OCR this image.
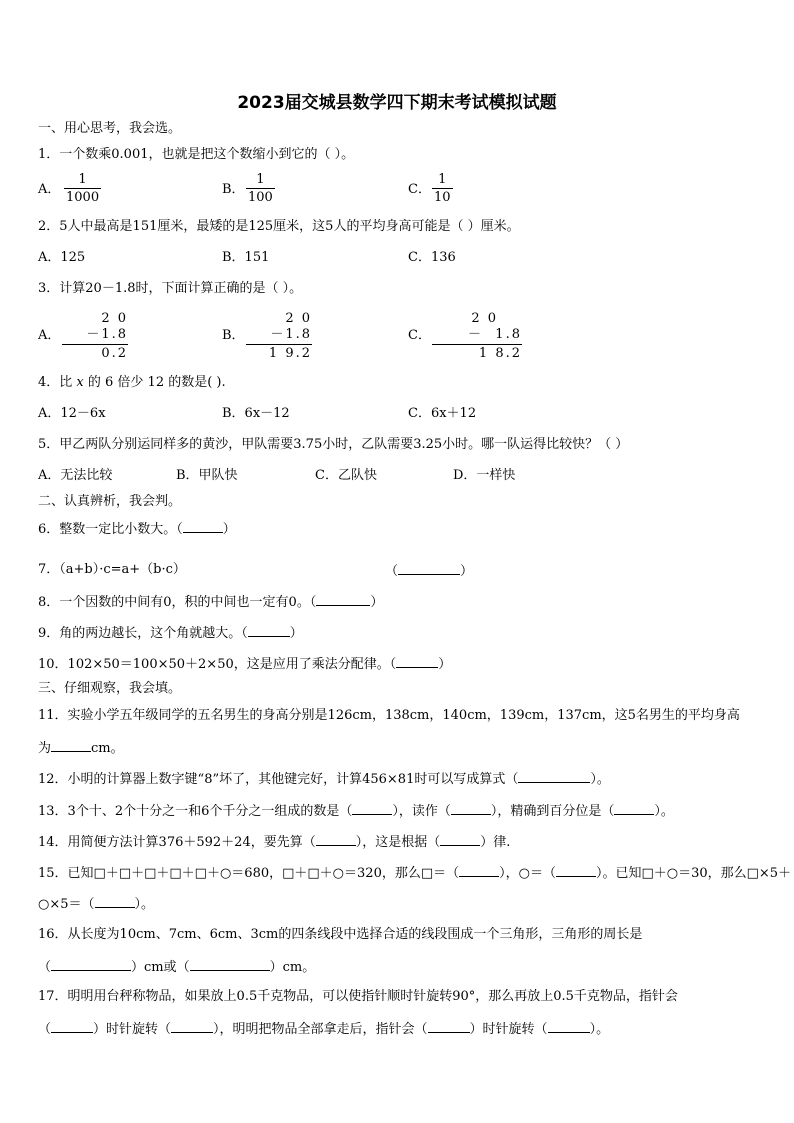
2023届交城县数学四下期末考试模拟试题
一、用心思考，我会选。
1．一个数乘0.001，也就是把这个数缩小到它的（ ）。
A．
1
1000
B．
1
100
C．
1
10
2．5人中最高是151厘米，最矮的是125厘米，这5人的平均身高可能是（ ）厘米。
A．125	B．151	C．136
3．计算20－1.8时，下面计算正确的是（ ）。
A．
2 0
－1.8
0.2
B．
2 0
－1.8
1 9.2
C．
2 0
－  1.8
1 8.2
4．比 x 的 6 倍少 12 的数是( ).
A．12－6x	B．6x－12	C．6x＋12
5．甲乙两队分别运同样多的黄沙，甲队需要3.75小时，乙队需要3.25小时。哪一队运得比较快？（ ）
A．无法比较	B．甲队快	C．乙队快	D．一样快
二、认真辨析，我会判。
6．整数一定比小数大。（	）
7．（a+b）·c=a+（b·c）	（	）
8．一个因数的中间有0，积的中间也一定有0。（	）
9．角的两边越长，这个角就越大。（	）
10．102×50＝100×50＋2×50，这是应用了乘法分配律。（	）
三、仔细观察，我会填。
11．实验小学五年级同学的五名男生的身高分别是126cm，138cm，140cm，139cm，137cm，这5名男生的平均身高
为	cm。
12．小明的计算器上数字键“8”坏了，其他键完好，计算456×81时可以写成算式（	）。
13．3个十、2个十分之一和6个千分之一组成的数是（	），读作（	），精确到百分位是（	）。
14．用简便方法计算376＋592＋24，要先算（	），这是根据（	）律.
15．已知□＋□＋□＋□＋□＋○＝680，□＋□＋○＝320，那么□＝（	），○＝（	）。已知□＋○＝30，那么□×5＋
○×5＝（	）。
16．从长度为10cm、7cm、6cm、3cm的四条线段中选择合适的线段围成一个三角形，三角形的周长是
（	）cm或（	）cm。
17．明明用台秤称物品，如果放上0.5千克物品，可以使指针顺时针旋转90°，那么再放上0.5千克物品，指针会
（	）时针旋转（	），明明把物品全部拿走后，指针会（	）时针旋转（	）。
